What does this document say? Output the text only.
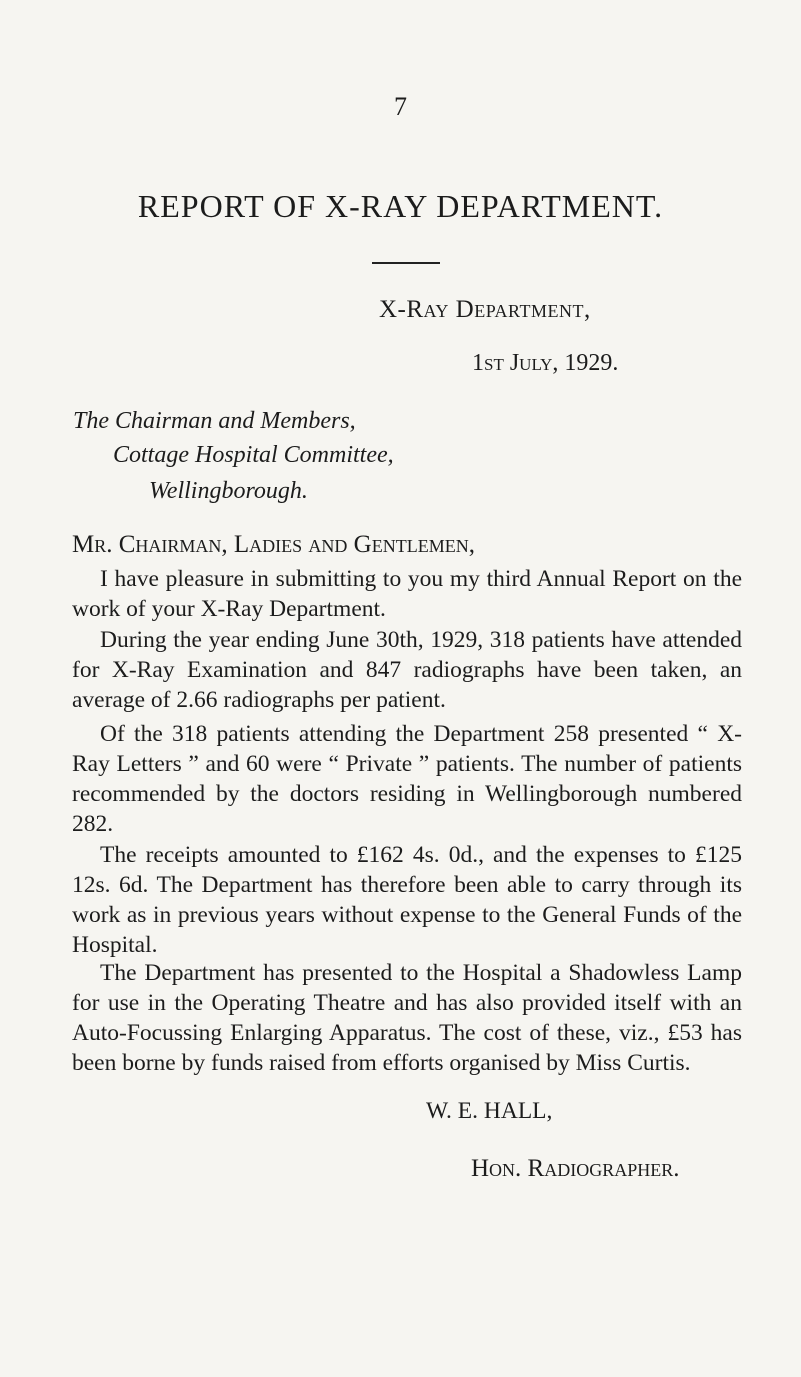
7
REPORT OF X-RAY DEPARTMENT.
X-Ray Department,
1st July, 1929.
The Chairman and Members,
Cottage Hospital Committee,
Wellingborough.
Mr. Chairman, Ladies and Gentlemen,

I have pleasure in submitting to you my third Annual Report on the work of your X-Ray Department.

During the year ending June 30th, 1929, 318 patients have attended for X-Ray Examination and 847 radiographs have been taken, an average of 2.66 radiographs per patient.

Of the 318 patients attending the Department 258 presented “ X-Ray Letters ” and 60 were “ Private ” patients. The number of patients recommended by the doctors residing in Wellingborough numbered 282.

The receipts amounted to £162 4s. 0d., and the expenses to £125 12s. 6d. The Department has therefore been able to carry through its work as in previous years without expense to the General Funds of the Hospital.

The Department has presented to the Hospital a Shadowless Lamp for use in the Operating Theatre and has also provided itself with an Auto-Focussing Enlarging Apparatus. The cost of these, viz., £53 has been borne by funds raised from efforts organised by Miss Curtis.

W. E. HALL,
Hon. Radiographer.
